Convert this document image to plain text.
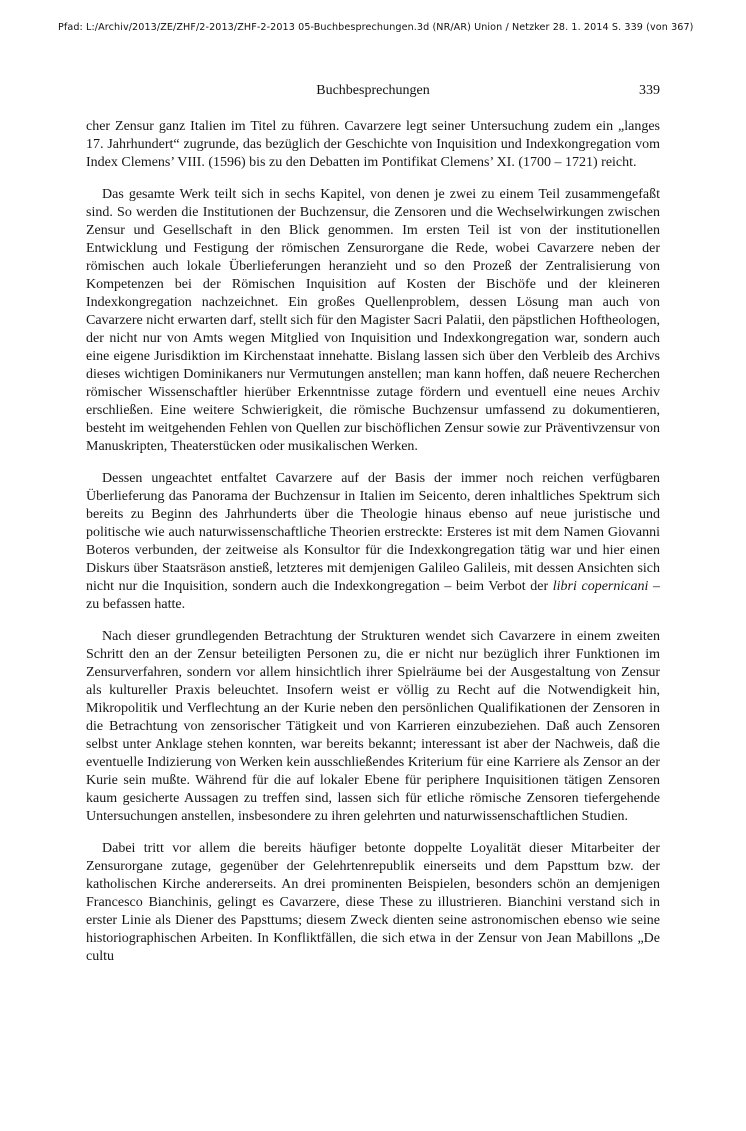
Pfad: L:/Archiv/2013/ZE/ZHF/2-2013/ZHF-2-2013 05-Buchbesprechungen.3d (NR/AR) Union / Netzker 28. 1. 2014 S. 339 (von 367)
Buchbesprechungen	339

cher Zensur ganz Italien im Titel zu führen. Cavarzere legt seiner Untersuchung zudem ein „langes 17. Jahrhundert“ zugrunde, das bezüglich der Geschichte von Inquisition und Indexkongregation vom Index Clemens’ VIII. (1596) bis zu den Debatten im Pontifikat Clemens’ XI. (1700 – 1721) reicht.

Das gesamte Werk teilt sich in sechs Kapitel, von denen je zwei zu einem Teil zusammengefaßt sind. So werden die Institutionen der Buchzensur, die Zensoren und die Wechselwirkungen zwischen Zensur und Gesellschaft in den Blick genommen. Im ersten Teil ist von der institutionellen Entwicklung und Festigung der römischen Zensurorgane die Rede, wobei Cavarzere neben der römischen auch lokale Überlieferungen heranzieht und so den Prozeß der Zentralisierung von Kompetenzen bei der Römischen Inquisition auf Kosten der Bischöfe und der kleineren Indexkongregation nachzeichnet. Ein großes Quellenproblem, dessen Lösung man auch von Cavarzere nicht erwarten darf, stellt sich für den Magister Sacri Palatii, den päpstlichen Hoftheologen, der nicht nur von Amts wegen Mitglied von Inquisition und Indexkongregation war, sondern auch eine eigene Jurisdiktion im Kirchenstaat innehatte. Bislang lassen sich über den Verbleib des Archivs dieses wichtigen Dominikaners nur Vermutungen anstellen; man kann hoffen, daß neuere Recherchen römischer Wissenschaftler hierüber Erkenntnisse zutage fördern und eventuell eine neues Archiv erschließen. Eine weitere Schwierigkeit, die römische Buchzensur umfassend zu dokumentieren, besteht im weitgehenden Fehlen von Quellen zur bischöflichen Zensur sowie zur Präventivzensur von Manuskripten, Theaterstücken oder musikalischen Werken.

Dessen ungeachtet entfaltet Cavarzere auf der Basis der immer noch reichen verfügbaren Überlieferung das Panorama der Buchzensur in Italien im Seicento, deren inhaltliches Spektrum sich bereits zu Beginn des Jahrhunderts über die Theologie hinaus ebenso auf neue juristische und politische wie auch naturwissenschaftliche Theorien erstreckte: Ersteres ist mit dem Namen Giovanni Boteros verbunden, der zeitweise als Konsultor für die Indexkongregation tätig war und hier einen Diskurs über Staatsräson anstieß, letzteres mit demjenigen Galileo Galileis, mit dessen Ansichten sich nicht nur die Inquisition, sondern auch die Indexkongregation – beim Verbot der libri copernicani – zu befassen hatte.

Nach dieser grundlegenden Betrachtung der Strukturen wendet sich Cavarzere in einem zweiten Schritt den an der Zensur beteiligten Personen zu, die er nicht nur bezüglich ihrer Funktionen im Zensurverfahren, sondern vor allem hinsichtlich ihrer Spielräume bei der Ausgestaltung von Zensur als kultureller Praxis beleuchtet. Insofern weist er völlig zu Recht auf die Notwendigkeit hin, Mikropolitik und Verflechtung an der Kurie neben den persönlichen Qualifikationen der Zensoren in die Betrachtung von zensorischer Tätigkeit und von Karrieren einzubeziehen. Daß auch Zensoren selbst unter Anklage stehen konnten, war bereits bekannt; interessant ist aber der Nachweis, daß die eventuelle Indizierung von Werken kein ausschließendes Kriterium für eine Karriere als Zensor an der Kurie sein mußte. Während für die auf lokaler Ebene für periphere Inquisitionen tätigen Zensoren kaum gesicherte Aussagen zu treffen sind, lassen sich für etliche römische Zensoren tiefergehende Untersuchungen anstellen, insbesondere zu ihren gelehrten und naturwissenschaftlichen Studien.

Dabei tritt vor allem die bereits häufiger betonte doppelte Loyalität dieser Mitarbeiter der Zensurorgane zutage, gegenüber der Gelehrtenrepublik einerseits und dem Papsttum bzw. der katholischen Kirche andererseits. An drei prominenten Beispielen, besonders schön an demjenigen Francesco Bianchinis, gelingt es Cavarzere, diese These zu illustrieren. Bianchini verstand sich in erster Linie als Diener des Papsttums; diesem Zweck dienten seine astronomischen ebenso wie seine historiographischen Arbeiten. In Konfliktfällen, die sich etwa in der Zensur von Jean Mabillons „De cultu
